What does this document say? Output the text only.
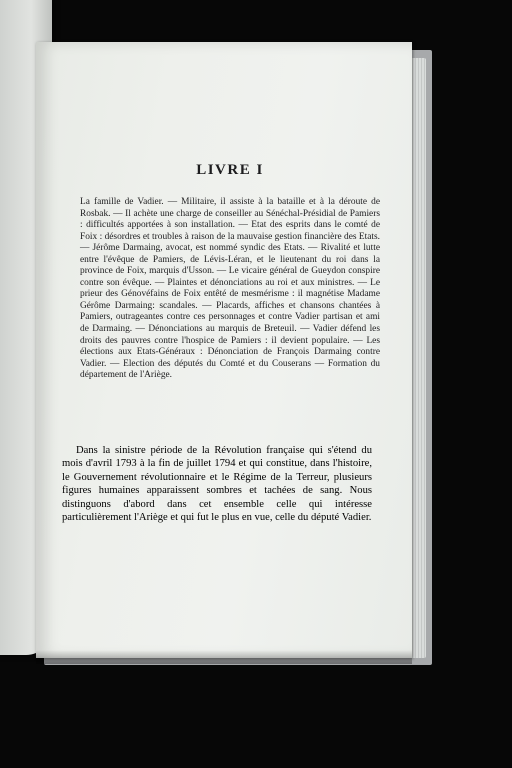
LIVRE I

La famille de Vadier. — Militaire, il assiste à la bataille et à la déroute de Rosbak. — Il achète une charge de conseiller au Sénéchal-Présidial de Pamiers : difficultés apportées à son installation. — Etat des esprits dans le comté de Foix : désordres et troubles à raison de la mauvaise gestion financière des Etats. — Jérôme Darmaing, avocat, est nommé syndic des Etats. — Rivalité et lutte entre l'évêque de Pamiers, de Lévis-Léran, et le lieutenant du roi dans la province de Foix, marquis d'Usson. — Le vicaire général de Gueydon conspire contre son évêque. — Plaintes et dénonciations au roi et aux ministres. — Le prieur des Génovéfains de Foix entêté de mesmérisme : il magnétise Madame Gérôme Darmaing: scandales. — Placards, affiches et chansons chantées à Pamiers, outrageantes contre ces personnages et contre Vadier partisan et ami de Darmaing. — Dénonciations au marquis de Breteuil. — Vadier défend les droits des pauvres contre l'hospice de Pamiers : il devient populaire. — Les élections aux Etats-Généraux : Dénonciation de François Darmaing contre Vadier. — Election des députés du Comté et du Couserans — Formation du département de l'Ariège.

Dans la sinistre période de la Révolution française qui s'étend du mois d'avril 1793 à la fin de juillet 1794 et qui constitue, dans l'histoire, le Gouvernement révolutionnaire et le Régime de la Terreur, plusieurs figures humaines apparaissent sombres et tachées de sang. Nous distinguons d'abord dans cet ensemble celle qui intéresse particulièrement l'Ariège et qui fut le plus en vue, celle du député Vadier.
